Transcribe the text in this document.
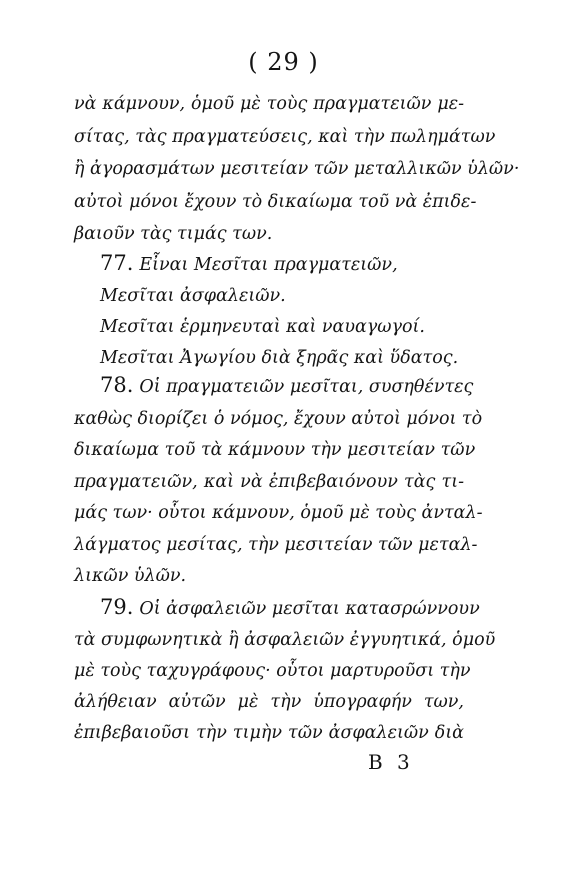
( 29 )
νὰ κάμνουν, ὁμοῦ μὲ τοὺς πραγματειῶν με-
σίτας, τὰς πραγματεύσεις, καὶ τὴν πωλημάτων
ἢ ἀγορασμάτων μεσιτείαν τῶν μεταλλικῶν ὑλῶν·
αὐτοὶ μόνοι ἔχουν τὸ δικαίωμα τοῦ νὰ ἐπιδε-
βαιοῦν τὰς τιμάς των.
77. Εἶναι Μεσῖται πραγματειῶν,
Μεσῖται ἀσφαλειῶν.
Μεσῖται ἑρμηνευταὶ καὶ ναυαγωγοί.
Μεσῖται Ἀγωγίου διὰ ξηρᾶς καὶ ὕδατος.
78. Οἱ πραγματειῶν μεσῖται, συσηθέντες
καθὼς διορίζει ὁ νόμος, ἔχουν αὐτοὶ μόνοι τὸ
δικαίωμα τοῦ τὰ κάμνουν τὴν μεσιτείαν τῶν
πραγματειῶν, καὶ νὰ ἐπιβεβαιόνουν τὰς τι-
μάς των· οὗτοι κάμνουν, ὁμοῦ μὲ τοὺς ἀνταλ-
λάγματος μεσίτας, τὴν μεσιτείαν τῶν μεταλ-
λικῶν ὑλῶν.
79. Οἱ ἀσφαλειῶν μεσῖται κατασρώννουν
τὰ συμφωνητικὰ ἢ ἀσφαλειῶν ἐγγυητικά, ὁμοῦ
μὲ τοὺς ταχυγράφους· οὗτοι μαρτυροῦσι τὴν
ἀλήθειαν αὐτῶν μὲ τὴν ὑπογραφήν των,
ἐπιβεβαιοῦσι τὴν τιμὴν τῶν ἀσφαλειῶν διὰ
B 3
